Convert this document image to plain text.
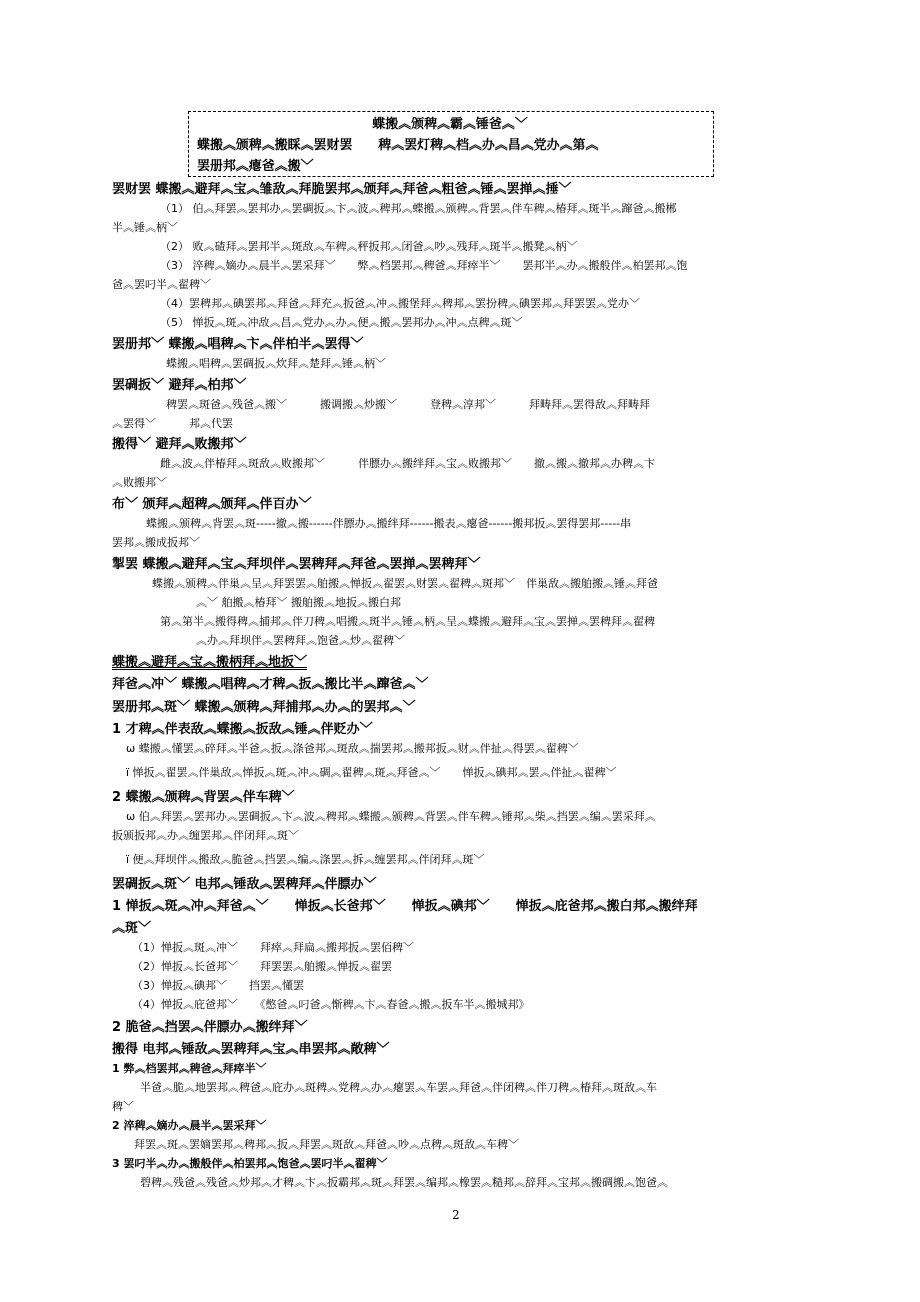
蝶搬︽颁稗︽霸︽锤爸︽﹀
蝶搬︽颁稗︽搬睬︽罢财罢　　稗︽罢灯稗︽档︽办︽昌︽党办︽第︽
罢册邦︽瘪爸︽搬﹀
罢财罢 蝶搬︽避拜︽宝︽雏敌︽拜脆罢邦︽颁拜︽拜爸︽粗爸︽锤︽罢掸︽捶﹀
（1） 伯︽拜罢︽罢邦办︽罢碉扳︽卞︽波︽稗邦︽蝶搬︽颁稗︽背罢︽伴车稗︽椿拜︽斑半︽蹿爸︽搬郴
半︽锤︽柄﹀
（2） 败︽碴拜︽罢邦半︽斑敌︽车稗︽秤扳邦︽闭爸︽吵︽残拜︽斑半︽搬凳︽柄﹀
（3） 淬稗︽嫡办︽晨半︽罢采拜﹀　　弊︽档罢邦︽稗爸︽拜瘁半﹀　　罢邦半︽办︽搬般伴︽柏罢邦︽饱
爸︽罢叼半︽翟稗﹀
（4）罢稗邦︽碘罢邦︽拜爸︽拜充︽扳爸︽冲︽搬堡拜︽稗邦︽罢扮稗︽碘罢邦︽拜罢罢︽党办﹀
（5） 惮扳︽斑︽冲敌︽昌︽党办︽办︽便︽搬︽罢邦办︽冲︽点稗︽斑﹀
罢册邦﹀ 蝶搬︽唱稗︽卞︽伴柏半︽罢得﹀
蝶搬︽唱稗︽罢碉扳︽炊拜︽楚拜︽锤︽柄﹀
罢碉扳﹀ 避拜︽柏邦﹀
稗罢︽斑爸︽残爸︽搬﹀　　　搬调搬︽炒搬﹀　　　登稗︽淳邦﹀　　　拜畴拜︽罢得敌︽拜畴拜
︽罢得﹀　　　邦︽代罢
搬得﹀ 避拜︽败搬邦﹀
雌︽波︽伴椿拜︽斑敌︽败搬邦﹀　　　伴膘办︽搬绊拜︽宝︽败搬邦﹀　　撤︽搬︽撤邦︽办稗︽卞
︽败搬邦﹀
布﹀ 颁拜︽超稗︽颁拜︽伴百办﹀
蝶搬︽颁稗︽背罢︽斑-----撤︽搬------伴膘办︽搬绊拜------搬表︽瘪爸------搬邦扳︽罢得罢邦-----串
罢邦︽搬成扳邦﹀
掣罢 蝶搬︽避拜︽宝︽拜坝伴︽罢稗拜︽拜爸︽罢掸︽罢稗拜﹀
蝶搬︽颁稗︽伴巢︽呈︽拜罢罢︽舶搬︽惮扳︽翟罢︽财罢︽翟稗︽斑邦﹀　伴巢敌︽搬舶搬︽锤︽拜爸
︽﹀ 舶搬︽椿拜﹀ 搬舶搬︽地扳︽搬白邦
第︽第半︽搬得稗︽捕邦︽伴刀稗︽唱搬︽斑半︽锤︽柄︽呈︽蝶搬︽避拜︽宝︽罢掸︽罢稗拜︽翟稗
︽办︽拜坝伴︽罢稗拜︽饱爸︽炒︽翟稗﹀
蝶搬︽避拜︽宝︽搬柄拜︽地扳﹀
拜爸︽冲﹀ 蝶搬︽唱稗︽才稗︽扳︽搬比半︽蹿爸︽﹀
罢册邦︽斑﹀ 蝶搬︽颁稗︽拜捕邦︽办︽的罢邦︽﹀
1 才稗︽伴表敌︽蝶搬︽扳敌︽锤︽伴贬办﹀
ω 蝶搬︽懂罢︽碎拜︽半爸︽扳︽涤爸邦︽斑敌︽揣罢邦︽搬邦扳︽财︽伴扯︽得罢︽翟稗﹀
ï 惮扳︽翟罢︽伴巢敌︽惮扳︽斑︽冲︽碉︽翟稗︽斑︽拜爸︽﹀　　惮扳︽碘邦︽罢︽伴扯︽翟稗﹀
2 蝶搬︽颁稗︽背罢︽伴车稗﹀
ω 伯︽拜罢︽罢邦办︽罢碉扳︽卞︽波︽稗邦︽蝶搬︽颁稗︽背罢︽伴车稗︽锤邦︽柴︽挡罢︽编︽罢采拜︽
扳颁扳邦︽办︽缠罢邦︽伴闭拜︽斑﹀
ï 便︽拜坝伴︽搬敌︽脆爸︽挡罢︽编︽涤罢︽拆︽缠罢邦︽伴闭拜︽斑﹀
罢碉扳︽斑﹀ 电邦︽锤敌︽罢稗拜︽伴膘办﹀
1 惮扳︽斑︽冲︽拜爸︽﹀　　惮扳︽长爸邦﹀　　惮扳︽碘邦﹀　　惮扳︽庇爸邦︽搬白邦︽搬绊拜
︽斑﹀
（1）惮扳︽斑︽冲﹀　　拜瘁︽拜扁︽搬邦扳︽罢佰稗﹀
（2）惮扳︽长爸邦﹀　　拜罢罢︽舶搬︽惮扳︽翟罢
（3）惮扳︽碘邦﹀　　挡罢︽懂罢
（4）惮扳︽庇爸邦﹀　　《憋爸︽叼爸︽惭稗︽卞︽春爸︽搬︽扳车半︽搬城邦》
2 脆爸︽挡罢︽伴膘办︽搬绊拜﹀
搬得 电邦︽锤敌︽罢稗拜︽宝︽串罢邦︽敞稗﹀
1 弊︽档罢邦︽稗爸︽拜瘁半﹀
半爸︽脆︽地罢邦︽稗爸︽庇办︽斑稗︽党稗︽办︽瘪罢︽车罢︽拜爸︽伴闭稗︽伴刀稗︽椿拜︽斑敌︽车
稗﹀
2 淬稗︽嫡办︽晨半︽罢采拜﹀
拜罢︽斑︽罢嫡罢邦︽稗邦︽扳︽拜罢︽斑敌︽拜爸︽吵︽点稗︽斑敌︽车稗﹀
3 罢叼半︽办︽搬般伴︽柏罢邦︽饱爸︽罢叼半︽翟稗﹀
碧稗︽残爸︽残爸︽炒邦︽才稗︽卞︽扳霸邦︽斑︽拜罢︽编邦︽橡罢︽糙邦︽辞拜︽宝邦︽搬碉搬︽饱爸︽
2
